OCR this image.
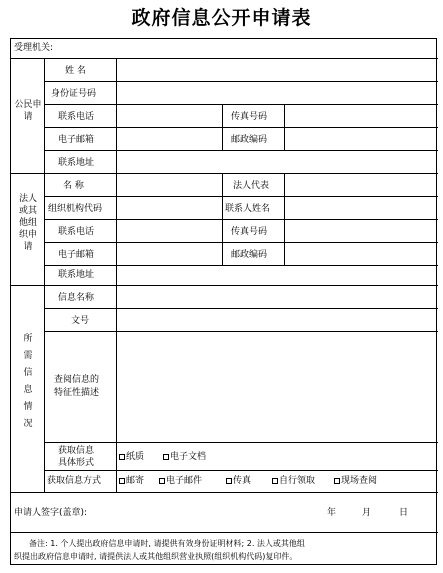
政府信息公开申请表
受理机关:
公民申请
姓 名
身份证号码
联系电话	传真号码
电子邮箱	邮政编码
联系地址
法人或其他组织申请
名 称	法人代表
组织机构代码	联系人姓名
联系电话	传真号码
电子邮箱	邮政编码
联系地址
所需信息情况
信息名称
文号
查阅信息的
特征性描述
获取信息
具体形式
纸质	电子文档
获取信息方式	邮寄	电子邮件	传真	自行领取	现场查阅
申请人签字(盖章):	年	月	日
备注: 1. 个人提出政府信息申请时, 请提供有效身份证明材料; 2. 法人或其他组
织提出政府信息申请时, 请提供法人或其他组织营业执照(组织机构代码)复印件。
